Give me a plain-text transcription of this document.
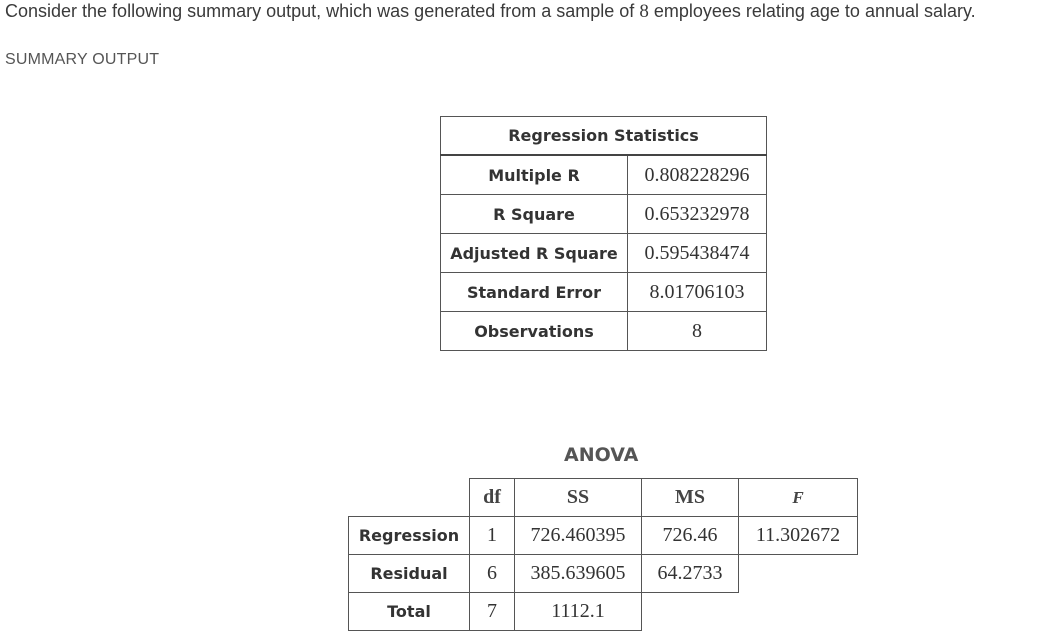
Consider the following summary output, which was generated from a sample of 8 employees relating age to annual salary.
SUMMARY OUTPUT
Regression Statistics	
Multiple R	0.808228296
R Square	0.653232978
Adjusted R Square	0.595438474
Standard Error	8.01706103
Observations	8
ANOVA
	df	SS	MS	F
Regression	1	726.460395	726.46	11.302672
Residual	6	385.639605	64.2733	
Total	7	1112.1		
